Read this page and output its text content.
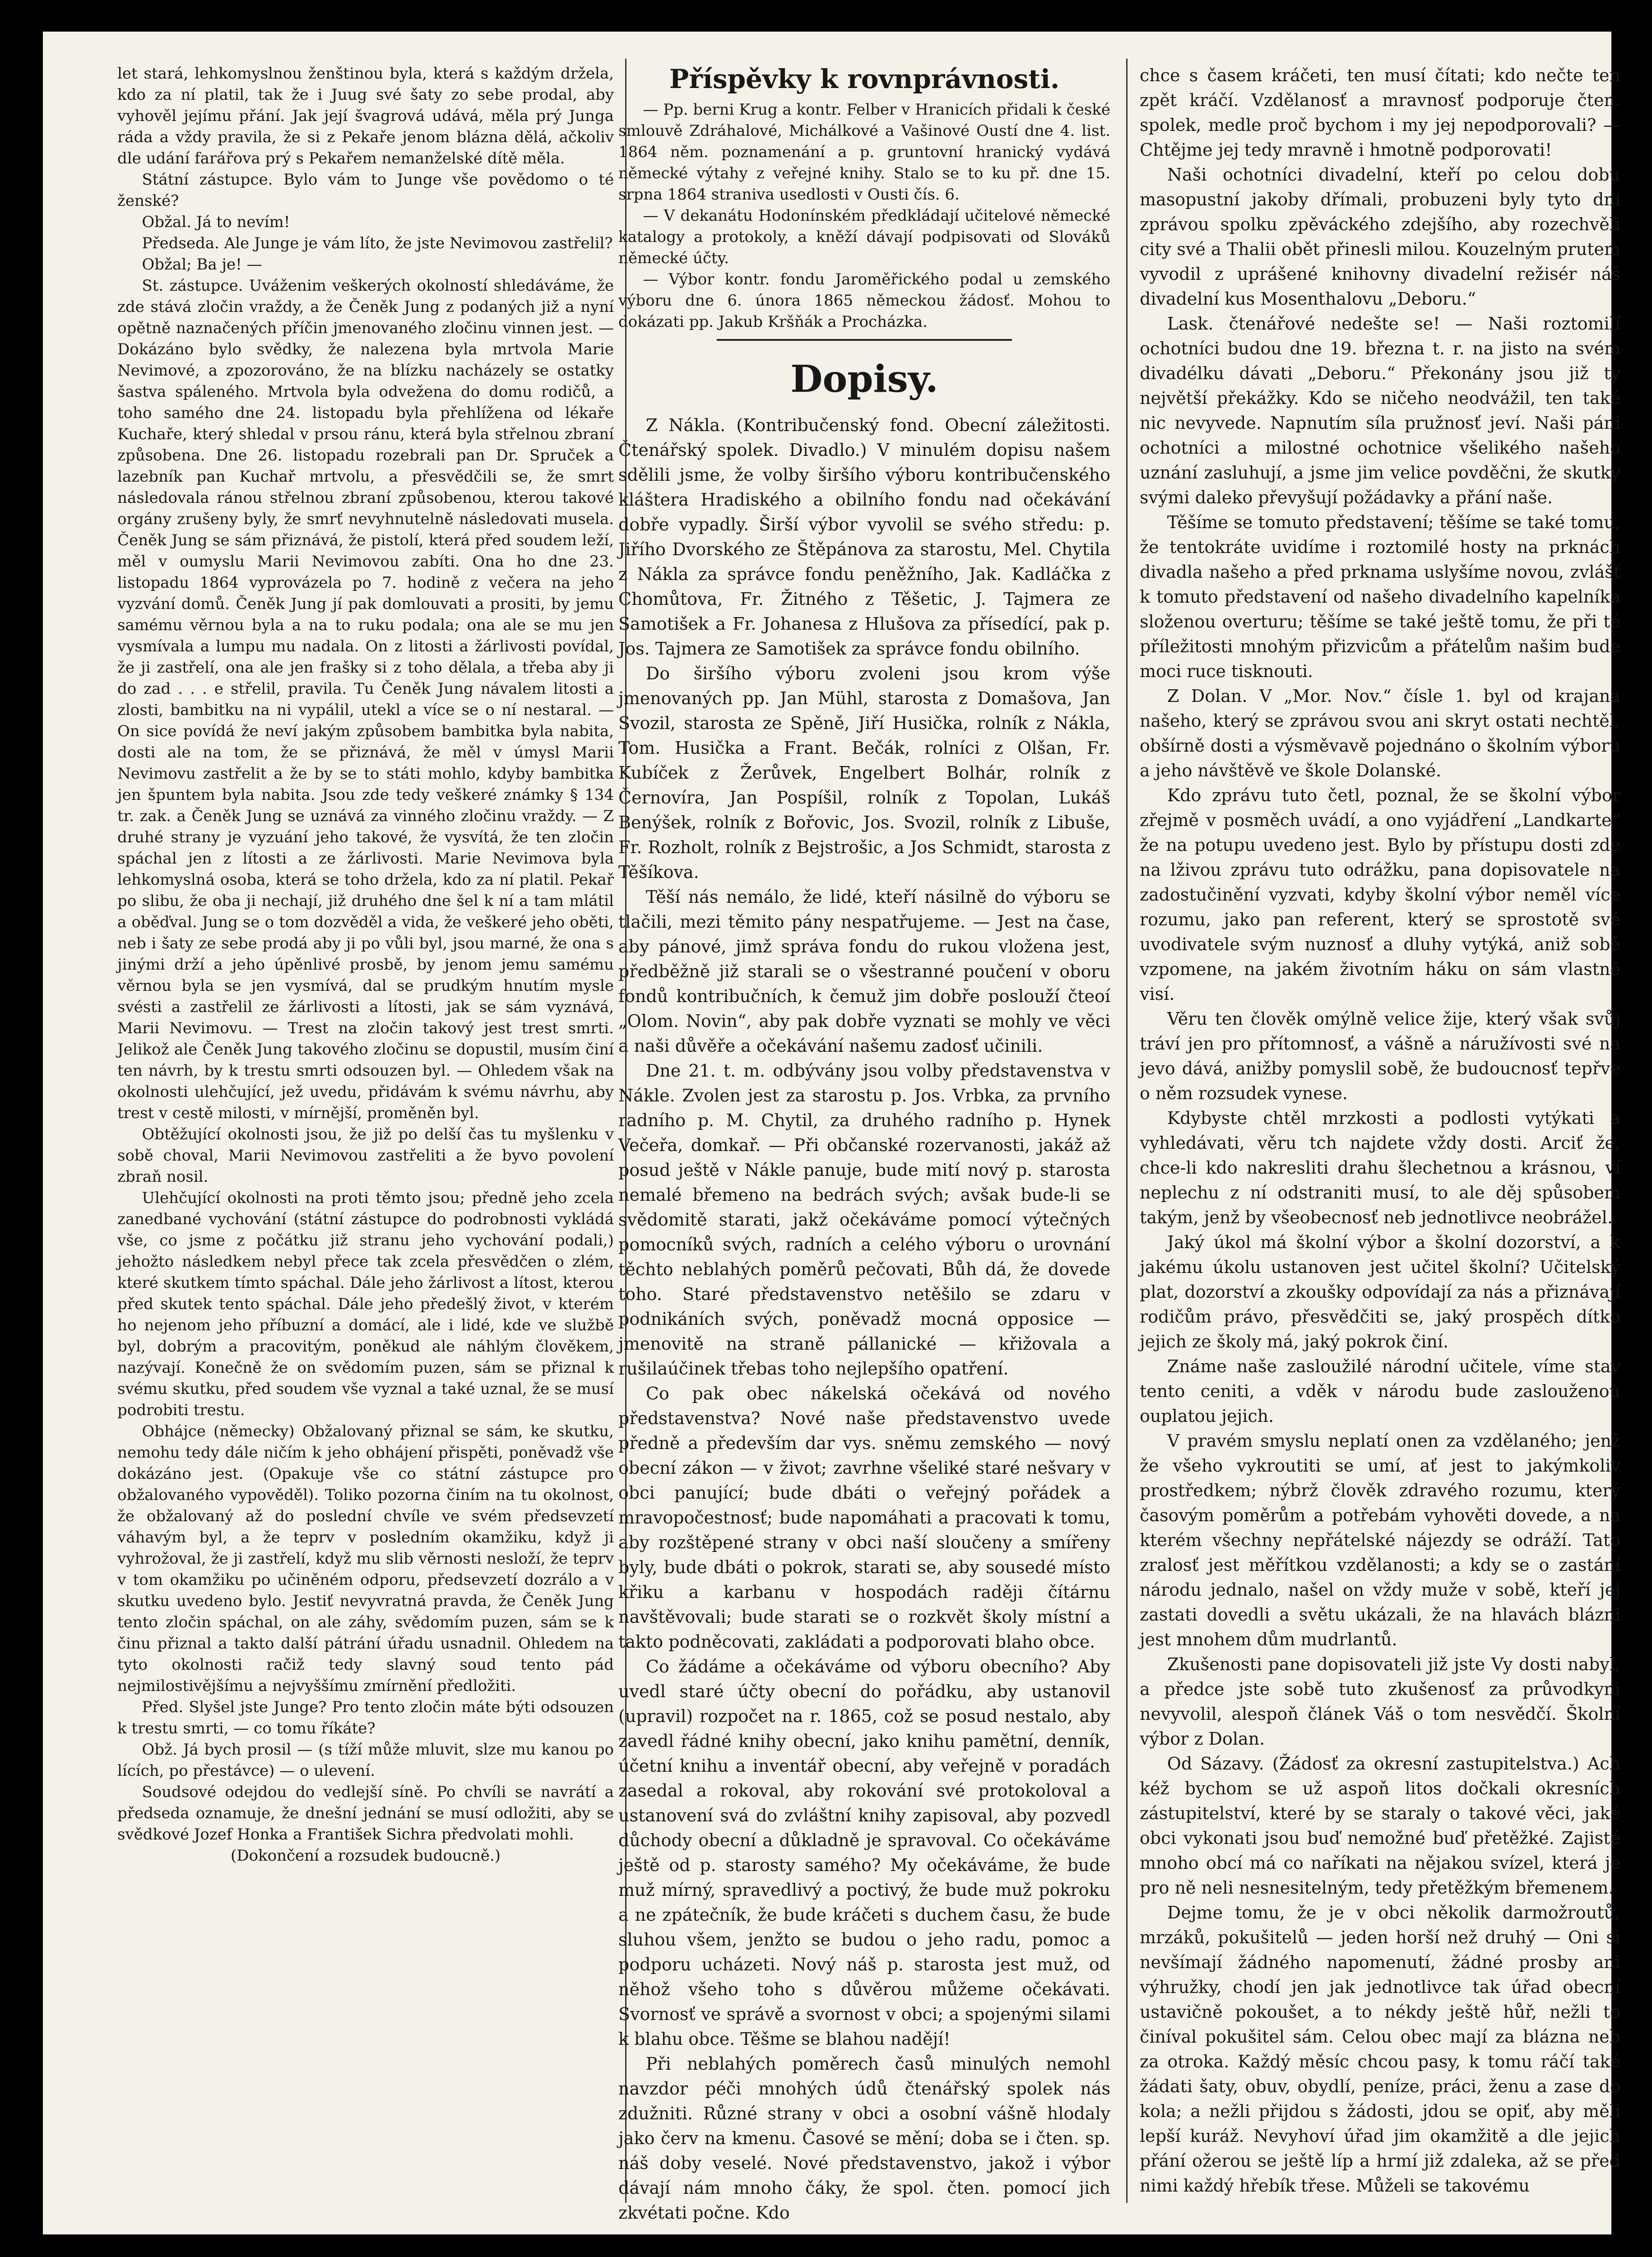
let stará, lehkomyslnou ženštinou byla, která s každým držela, kdo za ní platil, tak že i Juug své šaty zo sebe prodal, aby vyhověl jejímu přání. Jak její švagrová udává, měla prý Junga ráda a vždy pravila, že si z Pekaře jenom blázna dělá, ačkoliv dle udání farářova prý s Pekařem nemanželské dítě měla.

Státní zástupce. Bylo vám to Junge vše povědomo o té ženské?

Obžal. Já to nevím!

Předseda. Ale Junge je vám líto, že jste Nevimovou zastřelil?

Obžal; Ba je! —

St. zástupce. Uváženim veškerých okolností shledáváme, že zde stává zločin vraždy, a že Čeněk Jung z podaných již a nyní opětně naznačených příčin jmenovaného zločinu vinnen jest. — Dokázáno bylo svědky, že nalezena byla mrtvola Marie Nevimové, a zpozorováno, že na blízku nacházely se ostatky šastva spáleného. Mrtvola byla odvežena do domu rodičů, a toho samého dne 24. listopadu byla přehlížena od lékaře Kuchaře, který shledal v prsou ránu, která byla střelnou zbraní způsobena. Dne 26. listopadu rozebrali pan Dr. Spruček a lazebník pan Kuchař mrtvolu, a přesvědčili se, že smrt následovala ránou střelnou zbraní způsobenou, kterou takové orgány zrušeny byly, že smrť nevyhnutelně následovati musela. Čeněk Jung se sám přiznává, že pistolí, která před soudem leží, měl v oumyslu Marii Nevimovou zabíti. Ona ho dne 23. listopadu 1864 vyprovázela po 7. hodině z večera na jeho vyzvání domů. Čeněk Jung jí pak domlouvati a prositi, by jemu samému věrnou byla a na to ruku podala; ona ale se mu jen vysmívala a lumpu mu nadala. On z litosti a žárlivosti povídal, že ji zastřelí, ona ale jen frašky si z toho dělala, a třeba aby ji do zad . . . e střelil, pravila. Tu Čeněk Jung návalem litosti a zlosti, bambitku na ni vypálil, utekl a více se o ní nestaral. — On sice povídá že neví jakým způsobem bambitka byla nabita, dosti ale na tom, že se přiznává, že měl v úmysl Marii Nevimovu zastřelit a že by se to státi mohlo, kdyby bambitka jen špuntem byla nabita. Jsou zde tedy veškeré známky § 134 tr. zak. a Čeněk Jung se uznává za vinného zločinu vraždy. — Z druhé strany je vyzuání jeho takové, že vysvítá, že ten zločin spáchal jen z lítosti a ze žárlivosti. Marie Nevimova byla lehkomyslná osoba, která se toho držela, kdo za ní platil. Pekař po slibu, že oba ji nechají, již druhého dne šel k ní a tam mlátil a oběďval. Jung se o tom dozvěděl a vida, že veškeré jeho oběti, neb i šaty ze sebe prodá aby ji po vůli byl, jsou marné, že ona s jinými drží a jeho úpěnlivé prosbě, by jenom jemu samému věrnou byla se jen vysmívá, dal se prudkým hnutím mysle svésti a zastřelil ze žárlivosti a lítosti, jak se sám vyznává, Marii Nevimovu. — Trest na zločin takový jest trest smrti. Jelikož ale Čeněk Jung takového zločinu se dopustil, musím činí ten návrh, by k trestu smrti odsouzen byl. — Ohledem však na okolnosti ulehčující, jež uvedu, přidávám k svému návrhu, aby trest v cestě milosti, v mírnější, proměněn byl.

Obtěžující okolnosti jsou, že již po delší čas tu myšlenku v sobě choval, Marii Nevimovou zastřeliti a že byvo povolení zbraň nosil.

Ulehčující okolnosti na proti těmto jsou; předně jeho zcela zanedbané vychování (státní zástupce do podrobnosti vykládá vše, co jsme z počátku již stranu jeho vychování podali,) jehožto následkem nebyl přece tak zcela přesvědčen o zlém, které skutkem tímto spáchal. Dále jeho žárlivost a lítost, kterou před skutek tento spáchal. Dále jeho předešlý život, v kterém ho nejenom jeho příbuzní a domácí, ale i lidé, kde ve službě byl, dobrým a pracovitým, poněkud ale náhlým člověkem, nazývají. Konečně že on svědomím puzen, sám se přiznal k svému skutku, před soudem vše vyznal a také uznal, že se musí podrobiti trestu.

Obhájce (německy) Obžalovaný přiznal se sám, ke skutku, nemohu tedy dále ničím k jeho obhájení přispěti, poněvadž vše dokázáno jest. (Opakuje vše co státní zástupce pro obžalovaného vypověděl). Toliko pozorna činím na tu okolnost, že obžalovaný až do poslední chvíle ve svém předsevzetí váhavým byl, a že teprv v posledním okamžiku, když ji vyhrožoval, že ji zastřelí, když mu slib věrnosti nesloží, že teprv v tom okamžiku po učiněném odporu, předsevzetí dozrálo a v skutku uvedeno bylo. Jestiť nevyvratná pravda, že Čeněk Jung tento zločin spáchal, on ale záhy, svědomím puzen, sám se k činu přiznal a takto další pátrání úřadu usnadnil. Ohledem na tyto okolnosti račiž tedy slavný soud tento pád nejmilostivějšímu a nejvyššímu zmírnění předložiti.

Před. Slyšel jste Junge? Pro tento zločin máte býti odsouzen k trestu smrti, — co tomu říkáte?

Obž. Já bych prosil — (s tíží může mluvit, slze mu kanou po lících, po přestávce) — o ulevení.

Soudsové odejdou do vedlejší síně. Po chvíli se navrátí a předseda oznamuje, že dnešní jednání se musí odložiti, aby se svědkové Jozef Honka a František Sichra předvolati mohli.

(Dokončení a rozsudek budoucně.)

Příspěvky k rovnprávnosti.

— Pp. berni Krug a kontr. Felber v Hranicích přidali k české smlouvě Zdráhalové, Michálkové a Vašinové Oustí dne 4. list. 1864 něm. poznamenání a p. gruntovní hranický vydává německé výtahy z veřejné knihy. Stalo se to ku př. dne 15. srpna 1864 straniva usedlosti v Ousti čís. 6.

— V dekanátu Hodonínském předkládají učitelové německé katalogy a protokoly, a kněží dávají podpisovati od Slováků německé účty.

— Výbor kontr. fondu Jaroměřického podal u zemského výboru dne 6. února 1865 německou žádosť. Mohou to dokázati pp. Jakub Kršňák a Procházka.

Dopisy.

Z Nákla. (Kontribučenský fond. Obecní záležitosti. Čtenářský spolek. Divadlo.) V minulém dopisu našem sdělili jsme, že volby širšího výboru kontribučenského kláštera Hradiského a obilního fondu nad očekávání dobře vypadly. Širší výbor vyvolil se svého středu: p. Jiřího Dvorského ze Štěpánova za starostu, Mel. Chytila z Nákla za správce fondu peněžního, Jak. Kadláčka z Chomůtova, Fr. Žitného z Těšetic, J. Tajmera ze Samotišek a Fr. Johanesa z Hlušova za přísedící, pak p. Jos. Tajmera ze Samotišek za správce fondu obilního.

Do širšího výboru zvoleni jsou krom výše jmenovaných pp. Jan Mühl, starosta z Domašova, Jan Svozil, starosta ze Spěně, Jiří Husička, rolník z Nákla, Tom. Husička a Frant. Bečák, rolníci z Olšan, Fr. Kubíček z Žerůvek, Engelbert Bolhár, rolník z Černovíra, Jan Pospíšil, rolník z Topolan, Lukáš Benýšek, rolník z Bořovic, Jos. Svozil, rolník z Libuše, Fr. Rozholt, rolník z Bejstrošic, a Jos Schmidt, starosta z Těšíkova.

Těší nás nemálo, že lidé, kteří násilně do výboru se tlačili, mezi těmito pány nespatřujeme. — Jest na čase, aby pánové, jimž správa fondu do rukou vložena jest, předběžně již starali se o všestranné poučení v oboru fondů kontribučních, k čemuž jim dobře poslouží čteoí „Olom. Novin“, aby pak dobře vyznati se mohly ve věci a naši důvěře a očekávání našemu zadosť učinili.

Dne 21. t. m. odbývány jsou volby představenstva v Nákle. Zvolen jest za starostu p. Jos. Vrbka, za prvního radního p. M. Chytil, za druhého radního p. Hynek Večeřa, domkař. — Při občanské rozervanosti, jakáž až posud ještě v Nákle panuje, bude mití nový p. starosta nemalé břemeno na bedrách svých; avšak bude-li se svědomitě starati, jakž očekáváme pomocí výtečných pomocníků svých, radních a celého výboru o urovnání těchto neblahých poměrů pečovati, Bůh dá, že dovede toho. Staré představenstvo netěšilo se zdaru v podnikáních svých, poněvadž mocná opposice — jmenovitě na straně pállanické — křižovala a rušilaúčinek třebas toho nejlepšího opatření.

Co pak obec nákelská očekává od nového představenstva? Nové naše představenstvo uvede předně a především dar vys. sněmu zemského — nový obecní zákon — v život; zavrhne všeliké staré nešvary v obci panující; bude dbáti o veřejný pořádek a mravopočestnosť; bude napomáhati a pracovati k tomu, aby rozštěpené strany v obci naší sloučeny a smířeny byly, bude dbáti o pokrok, starati se, aby sousedé místo křiku a karbanu v hospodách raději čítárnu navštěvovali; bude starati se o rozkvět školy místní a takto podněcovati, zakládati a podporovati blaho obce.

Co žádáme a očekáváme od výboru obecního? Aby uvedl staré účty obecní do pořádku, aby ustanovil (upravil) rozpočet na r. 1865, což se posud nestalo, aby zavedl řádné knihy obecní, jako knihu pamětní, denník, účetní knihu a inventář obecní, aby veřejně v poradách zasedal a rokoval, aby rokování své protokoloval a ustanovení svá do zvláštní knihy zapisoval, aby pozvedl důchody obecní a důkladně je spravoval. Co očekáváme ještě od p. starosty samého? My očekáváme, že bude muž mírný, spravedlivý a poctivý, že bude muž pokroku a ne zpátečník, že bude kráčeti s duchem času, že bude sluhou všem, jenžto se budou o jeho radu, pomoc a podporu ucházeti. Nový náš p. starosta jest muž, od něhož všeho toho s důvěrou můžeme očekávati. Svornosť ve správě a svornost v obci; a spojenými silami k blahu obce. Těšme se blahou nadějí!

Při neblahých poměrech časů minulých nemohl navzdor péči mnohých údů čtenářský spolek nás zdužniti. Různé strany v obci a osobní vášně hlodaly jako červ na kmenu. Časové se mění; doba se i čten. sp. náš doby veselé. Nové představenstvo, jakož i výbor dávají nám mnoho čáky, že spol. čten. pomocí jich zkvétati počne. Kdo

chce s časem kráčeti, ten musí čítati; kdo nečte ten zpět kráčí. Vzdělanosť a mravnosť podporuje čten. spolek, medle proč bychom i my jej nepodporovali? — Chtějme jej tedy mravně i hmotně podporovati!

Naši ochotníci divadelní, kteří po celou dobu masopustní jakoby dřímali, probuzeni byly tyto dni zprávou spolku zpěváckého zdejšího, aby rozechvěli city své a Thalii obět přinesli milou. Kouzelným prutem vyvodil z uprášené knihovny divadelní režisér náš divadelní kus Mosenthalovu „Deboru.“

Lask. čtenářové nedešte se! — Naši roztomilí ochotníci budou dne 19. března t. r. na jisto na svém divadélku dávati „Deboru.“ Překonány jsou již ty největší překážky. Kdo se ničeho neodvážil, ten také nic nevyvede. Napnutím síla pružnosť jeví. Naši páni ochotníci a milostné ochotnice všelikého našeho uznání zasluhují, a jsme jim velice povděčni, že skutky svými daleko převyšují požádavky a přání naše.

Těšíme se tomuto představení; těšíme se také tomu, že tentokráte uvidíme i roztomilé hosty na prknách divadla našeho a před prknama uslyšíme novou, zvlášť k tomuto představení od našeho divadelního kapelníka složenou overturu; těšíme se také ještě tomu, že při té příležitosti mnohým přizvicům a přátelům našim bude moci ruce tisknouti.

Z Dolan. V „Mor. Nov.“ čísle 1. byl od krajana našeho, který se zprávou svou ani skryt ostati nechtěl, obšírně dosti a výsměvavě pojednáno o školním výboru a jeho návštěvě ve škole Dolanské.

Kdo zprávu tuto četl, poznal, že se školní výbor zřejmě v posměch uvádí, a ono vyjádření „Landkarte“ že na potupu uvedeno jest. Bylo by přístupu dosti zde na lživou zprávu tuto odrážku, pana dopisovatele na zadostučinění vyzvati, kdyby školní výbor neměl více rozumu, jako pan referent, který se sprostotě své uvodivatele svým nuznosť a dluhy vytýká, aniž sobě vzpomene, na jakém životním háku on sám vlastně visí.

Věru ten člověk omýlně velice žije, který však svůj tráví jen pro přítomnosť, a vášně a náružívosti své na jevo dává, anižby pomyslil sobě, že budoucnosť tepřve o něm rozsudek vynese.

Kdybyste chtěl mrzkosti a podlosti vytýkati a vyhledávati, věru tch najdete vždy dosti. Arciť že, chce-li kdo nakresliti drahu šlechetnou a krásnou, ví neplechu z ní odstraniti musí, to ale děj spůsobem takým, jenž by všeobecnosť neb jednotlivce neobrážel.

Jaký úkol má školní výbor a školní dozorství, a k jakému úkolu ustanoven jest učitel školní? Učitelský plat, dozorství a zkoušky odpovídají za nás a přiznávají rodičům právo, přesvědčiti se, jaký prospěch dítko jejich ze školy má, jaký pokrok činí.

Známe naše zasloužilé národní učitele, víme stav tento ceniti, a vděk v národu bude zaslouženou ouplatou jejich.

V pravém smyslu neplatí onen za vzdělaného; jenž že všeho vykroutiti se umí, ať jest to jakýmkoliv prostředkem; nýbrž člověk zdravého rozumu, který časovým poměrům a potřebám vyhověti dovede, a na kterém všechny nepřátelské nájezdy se odráží. Tato zralosť jest měřítkou vzdělanosti; a kdy se o zastání národu jednalo, našel on vždy muže v sobě, kteří jej zastati dovedli a světu ukázali, že na hlavách blázni jest mnohem dům mudrlantů.

Zkušenosti pane dopisovateli již jste Vy dosti nabyl, a předce jste sobě tuto zkušenosť za průvodkyni nevyvolil, alespoň článek Váš o tom nesvědčí. Školní výbor z Dolan.

Od Sázavy. (Žádosť za okresní zastupitelstva.) Ach kéž bychom se už aspoň litos dočkali okresních zástupitelství, které by se staraly o takové věci, jaké obci vykonati jsou buď nemožné buď přetěžké. Zajisté mnoho obcí má co naříkati na nějakou svízel, která je pro ně neli nesnesitelným, tedy přetěžkým břemenem.

Dejme tomu, že je v obci několik darmožroutů, mrzáků, pokušitelů — jeden horší než druhý — Oni si nevšímají žádného napomenutí, žádné prosby ani výhružky, chodí jen jak jednotlivce tak úřad obecní ustavičně pokoušet, a to nékdy ještě hůř, nežli to činíval pokušitel sám. Celou obec mají za blázna neb za otroka. Každý měsíc chcou pasy, k tomu ráčí také žádati šaty, obuv, obydlí, peníze, práci, ženu a zase do kola; a nežli přijdou s žádosti, jdou se opiť, aby měli lepší kuráž. Nevyhoví úřad jim okamžitě a dle jejich přání ožerou se ještě líp a hrmí již zdaleka, až se před nimi každý hřebík třese. Můželi se takovému
